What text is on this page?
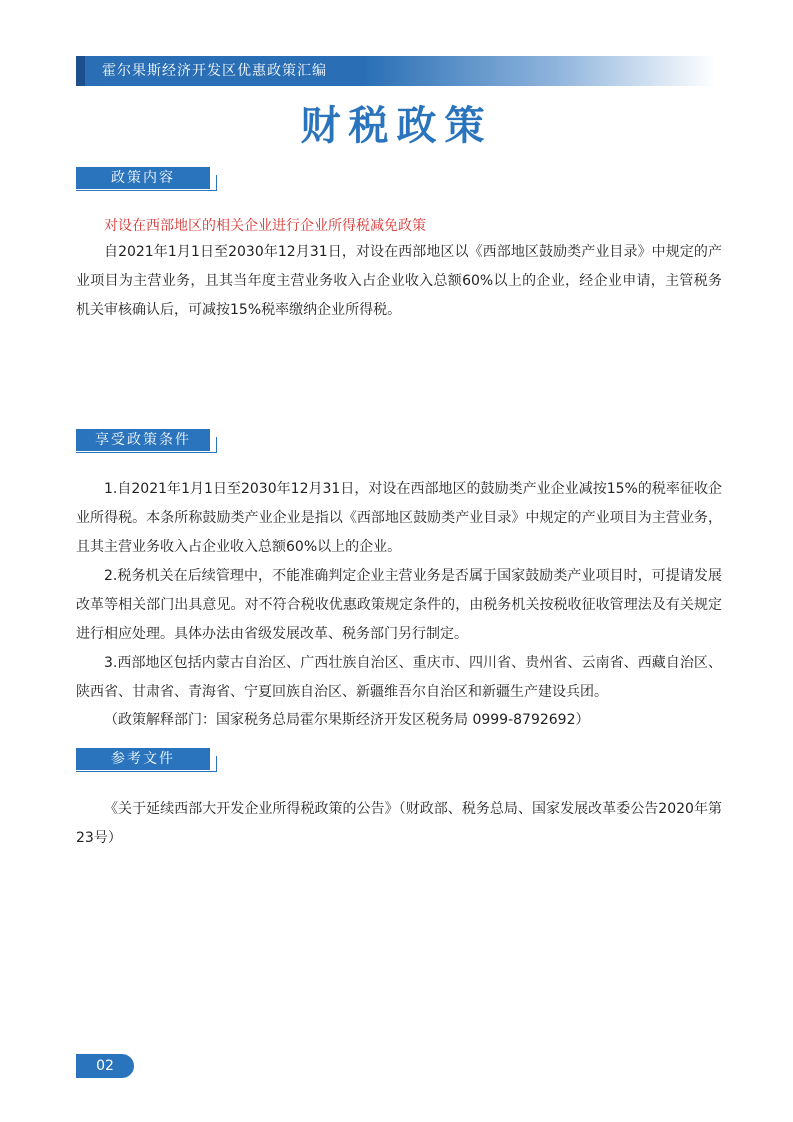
霍尔果斯经济开发区优惠政策汇编
财税政策
政策内容
对设在西部地区的相关企业进行企业所得税减免政策
自2021年1月1日至2030年12月31日，对设在西部地区以《西部地区鼓励类产业目录》中规定的产业项目为主营业务，且其当年度主营业务收入占企业收入总额60%以上的企业，经企业申请，主管税务机关审核确认后，可减按15%税率缴纳企业所得税。
享受政策条件
1.自2021年1月1日至2030年12月31日，对设在西部地区的鼓励类产业企业减按15%的税率征收企业所得税。本条所称鼓励类产业企业是指以《西部地区鼓励类产业目录》中规定的产业项目为主营业务，且其主营业务收入占企业收入总额60%以上的企业。
2.税务机关在后续管理中，不能准确判定企业主营业务是否属于国家鼓励类产业项目时，可提请发展改革等相关部门出具意见。对不符合税收优惠政策规定条件的，由税务机关按税收征收管理法及有关规定进行相应处理。具体办法由省级发展改革、税务部门另行制定。
3.西部地区包括内蒙古自治区、广西壮族自治区、重庆市、四川省、贵州省、云南省、西藏自治区、陕西省、甘肃省、青海省、宁夏回族自治区、新疆维吾尔自治区和新疆生产建设兵团。
（政策解释部门：国家税务总局霍尔果斯经济开发区税务局 0999-8792692）
参考文件
《关于延续西部大开发企业所得税政策的公告》（财政部、税务总局、国家发展改革委公告2020年第23号）
02
